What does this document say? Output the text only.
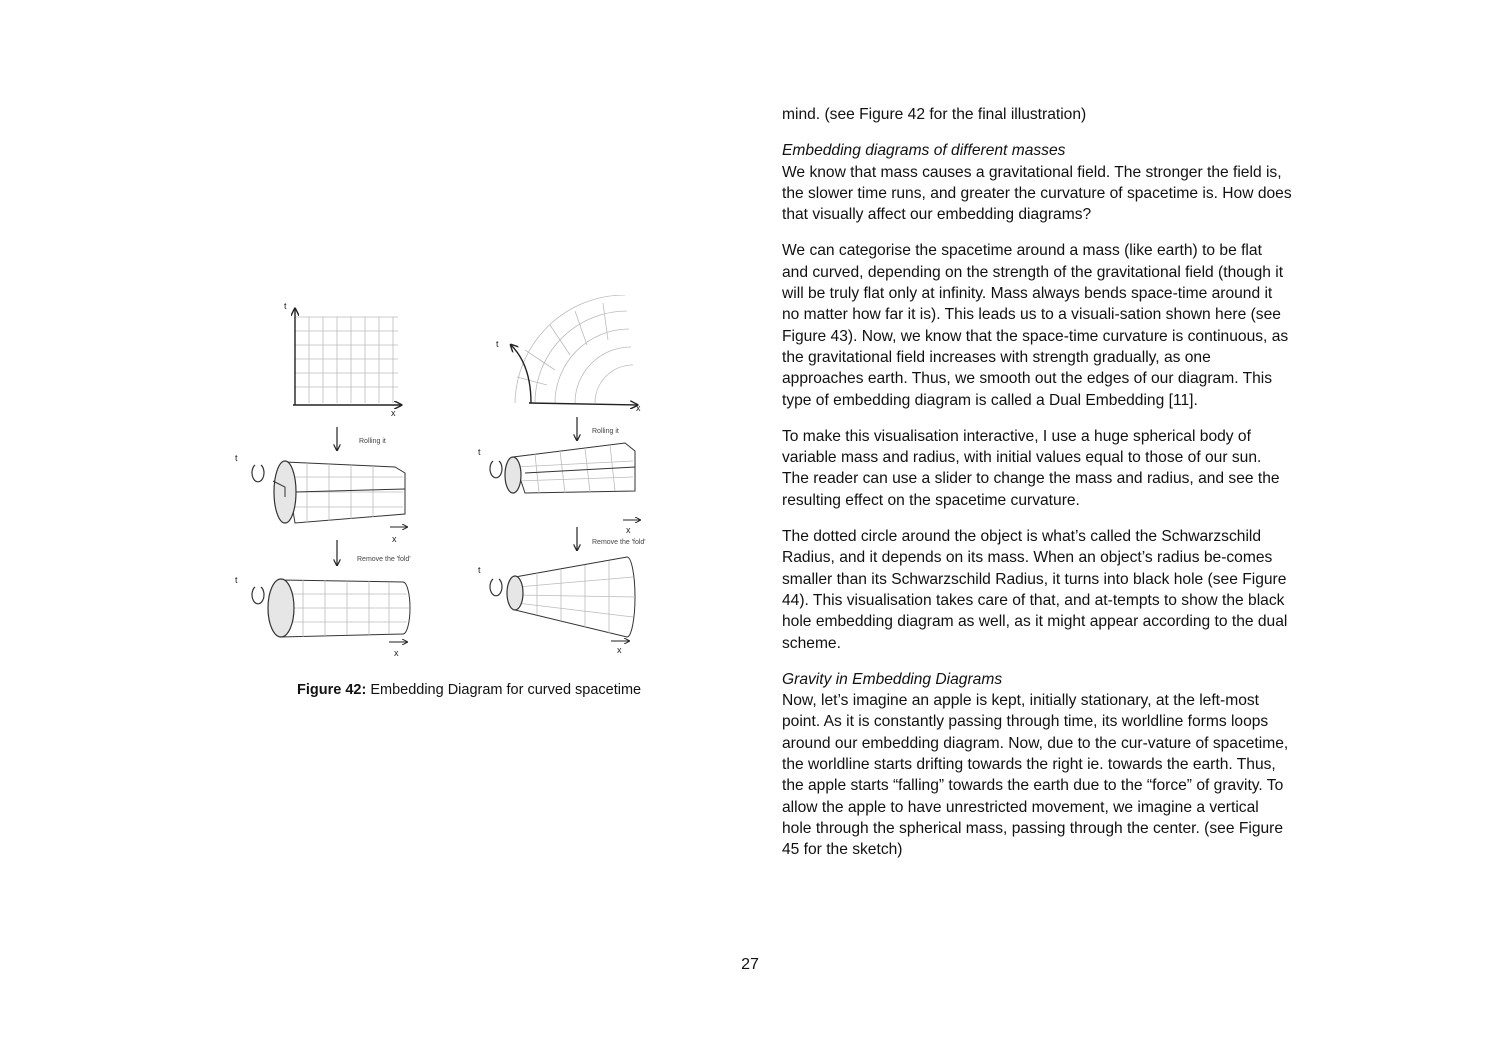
t
x
Rolling it
t
x
Remove the 'fold'
t
x
t
x
Rolling it
t
x
Remove the 'fold'
t
x
Figure 42: Embedding Diagram for curved spacetime

mind. (see Figure 42 for the final illustration)

Embedding diagrams of different masses
We know that mass causes a gravitational field. The stronger the field is, the slower time runs, and greater the curvature of spacetime is. How does that visually affect our embedding diagrams?

We can categorise the spacetime around a mass (like earth) to be flat and curved, depending on the strength of the gravitational field (though it will be truly flat only at infinity. Mass always bends space-time around it no matter how far it is). This leads us to a visuali-sation shown here (see Figure 43). Now, we know that the space-time curvature is continuous, as the gravitational field increases with strength gradually, as one approaches earth. Thus, we smooth out the edges of our diagram. This type of embedding diagram is called a Dual Embedding [11].

To make this visualisation interactive, I use a huge spherical body of variable mass and radius, with initial values equal to those of our sun. The reader can use a slider to change the mass and radius, and see the resulting effect on the spacetime curvature.

The dotted circle around the object is what’s called the Schwarzschild Radius, and it depends on its mass. When an object’s radius be-comes smaller than its Schwarzschild Radius, it turns into black hole (see Figure 44). This visualisation takes care of that, and at-tempts to show the black hole embedding diagram as well, as it might appear according to the dual scheme.

Gravity in Embedding Diagrams
Now, let’s imagine an apple is kept, initially stationary, at the left-most point. As it is constantly passing through time, its worldline forms loops around our embedding diagram. Now, due to the cur-vature of spacetime, the worldline starts drifting towards the right ie. towards the earth. Thus, the apple starts “falling” towards the earth due to the “force” of gravity. To allow the apple to have unrestricted movement, we imagine a vertical hole through the spherical mass, passing through the center. (see Figure 45 for the sketch)

27
